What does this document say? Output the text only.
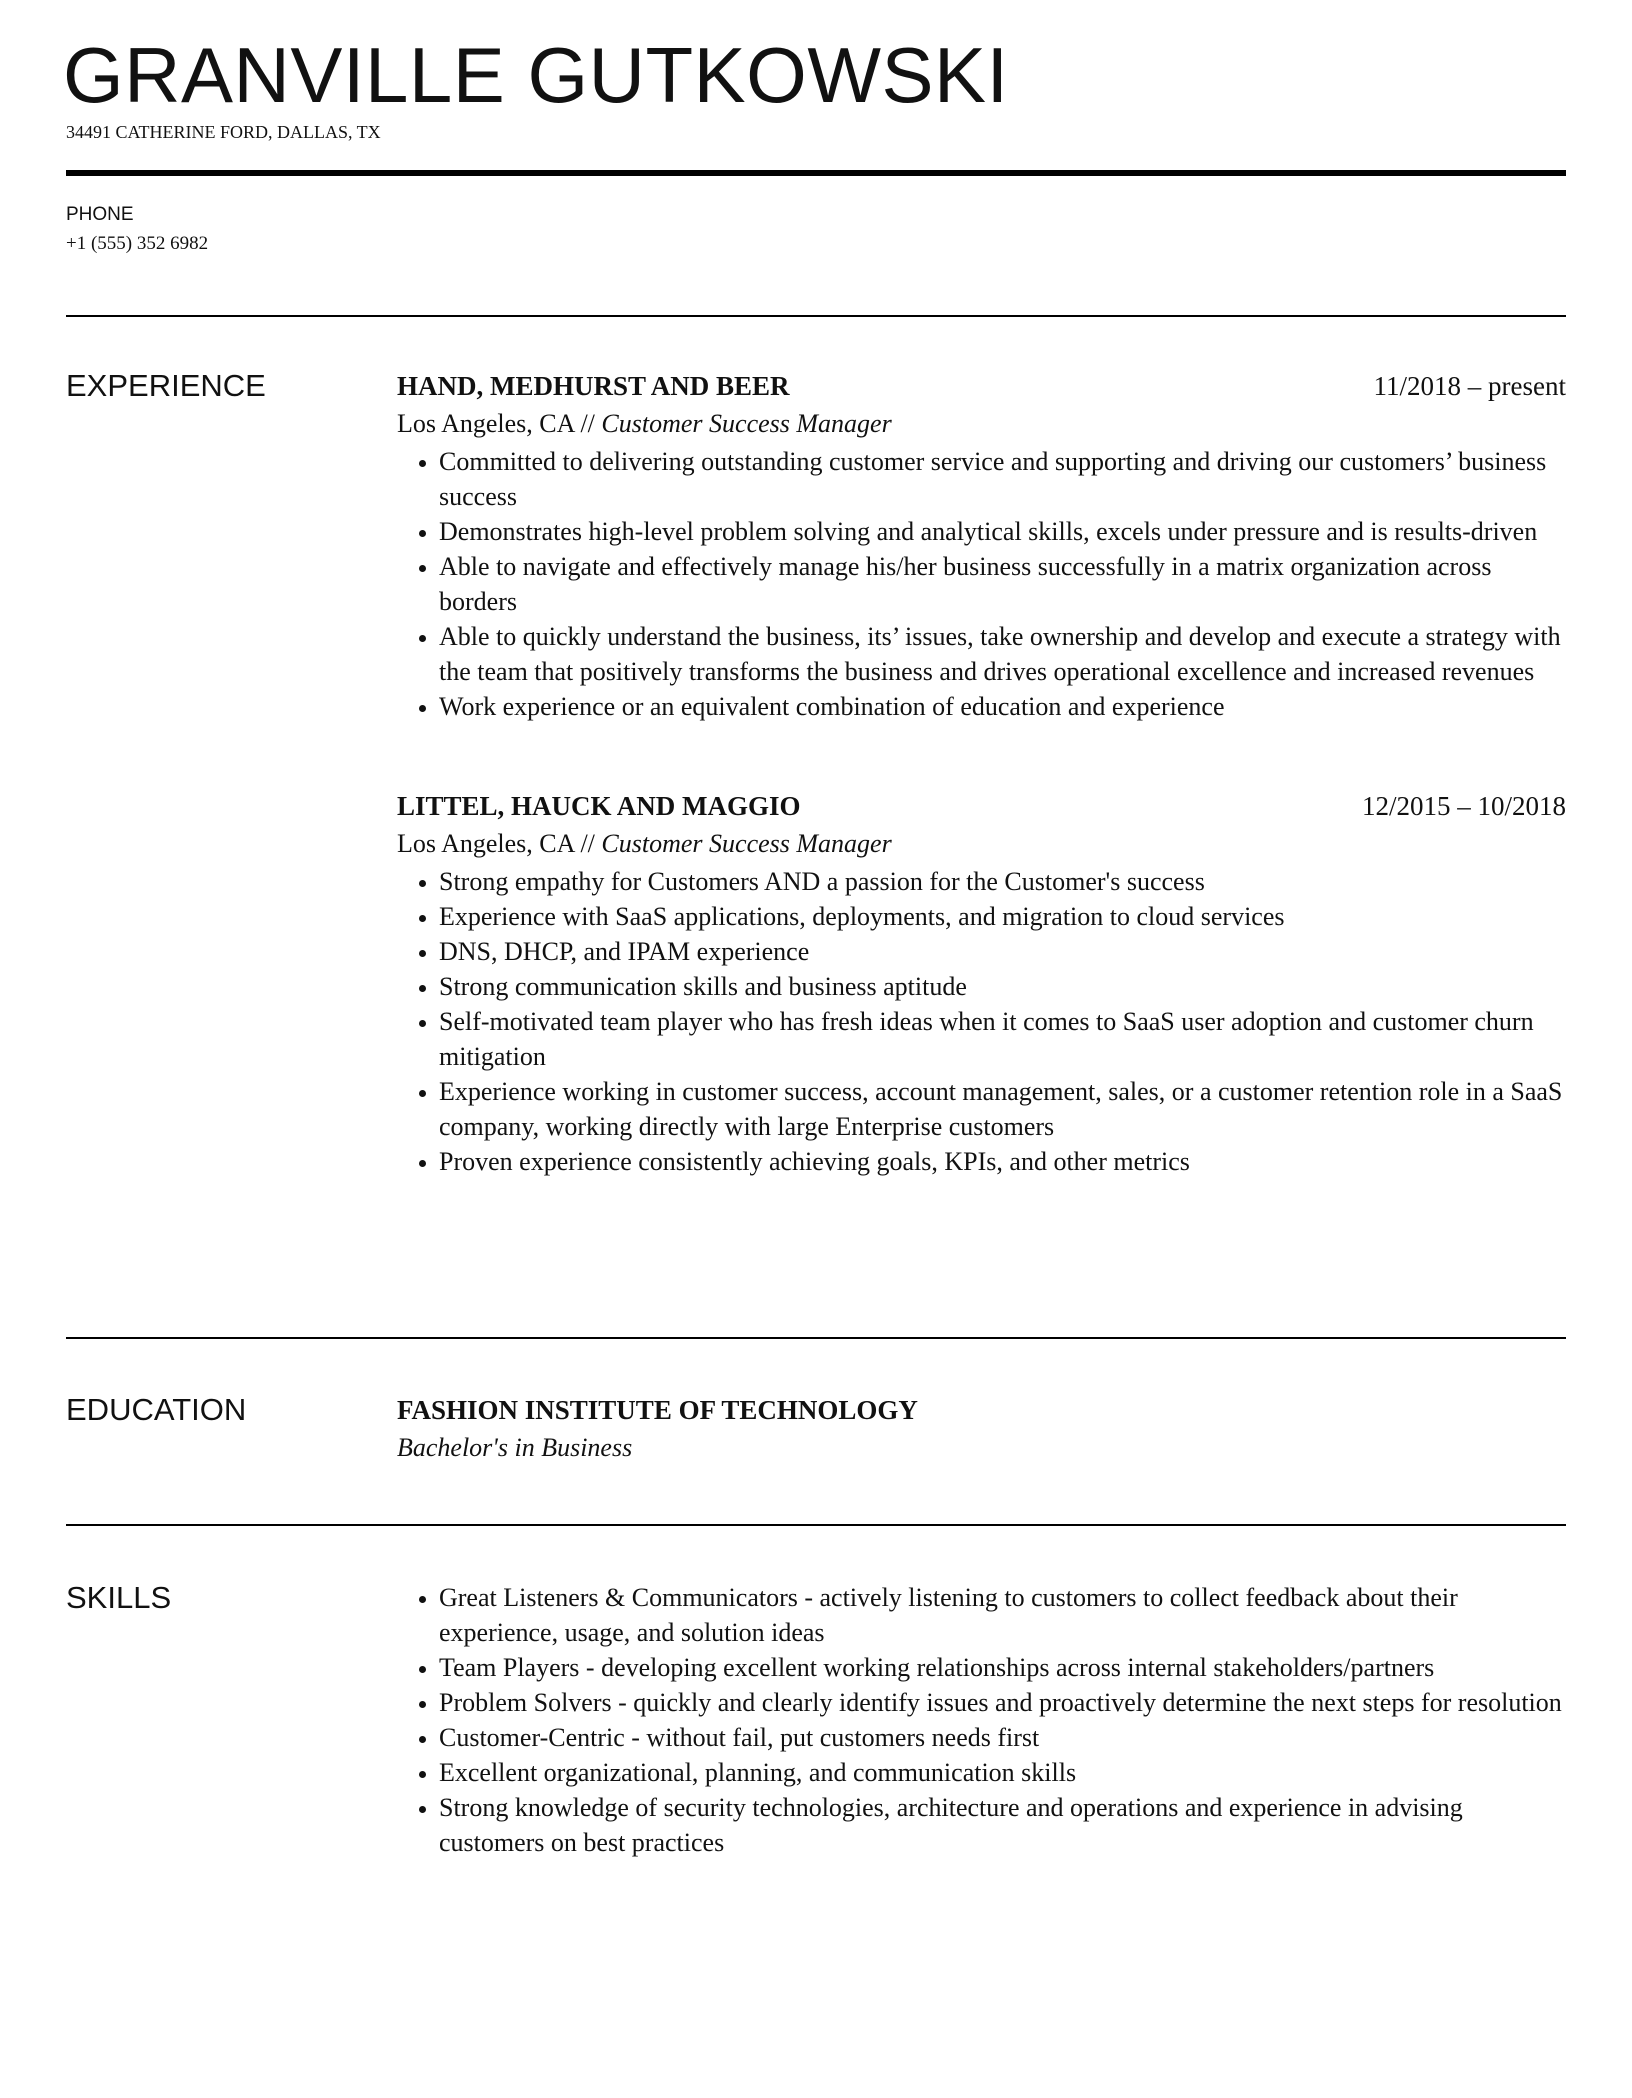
GRANVILLE GUTKOWSKI
34491 CATHERINE FORD, DALLAS, TX
PHONE
+1 (555) 352 6982
EXPERIENCE	HAND, MEDHURST AND BEER	11/2018 – present
Los Angeles, CA // Customer Success Manager
Committed to delivering outstanding customer service and supporting and driving our customers’ business success
Demonstrates high-level problem solving and analytical skills, excels under pressure and is results-driven
Able to navigate and effectively manage his/her business successfully in a matrix organization across borders
Able to quickly understand the business, its’ issues, take ownership and develop and execute a strategy with the team that positively transforms the business and drives operational excellence and increased revenues
Work experience or an equivalent combination of education and experience
LITTEL, HAUCK AND MAGGIO	12/2015 – 10/2018
Los Angeles, CA // Customer Success Manager
Strong empathy for Customers AND a passion for the Customer's success
Experience with SaaS applications, deployments, and migration to cloud services
DNS, DHCP, and IPAM experience
Strong communication skills and business aptitude
Self-motivated team player who has fresh ideas when it comes to SaaS user adoption and customer churn mitigation
Experience working in customer success, account management, sales, or a customer retention role in a SaaS company, working directly with large Enterprise customers
Proven experience consistently achieving goals, KPIs, and other metrics
EDUCATION	FASHION INSTITUTE OF TECHNOLOGY
Bachelor's in Business
SKILLS	Great Listeners & Communicators - actively listening to customers to collect feedback about their experience, usage, and solution ideas
Team Players - developing excellent working relationships across internal stakeholders/partners
Problem Solvers - quickly and clearly identify issues and proactively determine the next steps for resolution
Customer-Centric - without fail, put customers needs first
Excellent organizational, planning, and communication skills
Strong knowledge of security technologies, architecture and operations and experience in advising customers on best practices
